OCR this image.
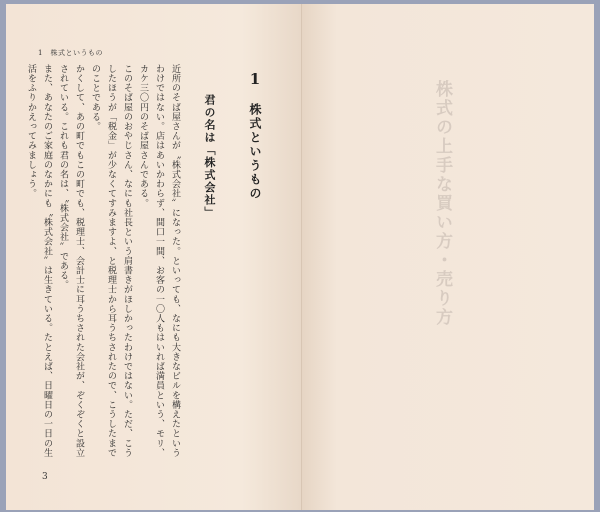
1　株式というもの
1 株式というもの
君の名は「株式会社」

近所のそば屋さんが〝株式会社〟になった。といっても、なにも大きなビルを構えたというわけではない。店はあいかわらず、間口一間、お客の一〇人もはいれば満員という、モリ、カケ三〇円のそば屋さんである。

このそば屋のおやじさん、なにも社長という肩書きがほしかったわけではない。ただ、こうしたほうが「税金」が少なくてすみますよ、と税理士から耳うちされたので、こうしたまでのことである。

かくして、あの町でもこの町でも、税理士、会計士に耳うちされた会社が、ぞくぞくと設立されている。これも君の名は、〝株式会社〟である。

また、あなたのご家庭のなかにも〝株式会社〟は生きている。たとえば、日曜日の一日の生活をふりかえってみましょう。

3
株式の上手な買い方・売り方
